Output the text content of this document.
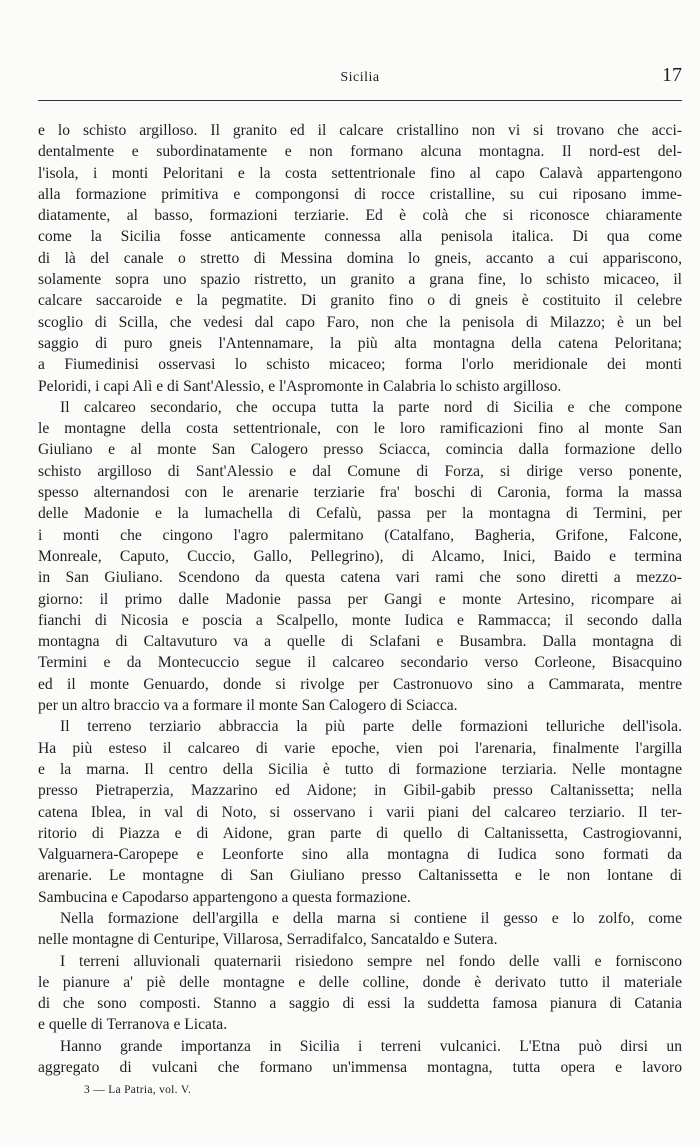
Sicilia	17
e lo schisto argilloso. Il granito ed il calcare cristallino non vi si trovano che acci-
dentalmente e subordinatamente e non formano alcuna montagna. Il nord-est del-
l'isola, i monti Peloritani e la costa settentrionale fino al capo Calavà appartengono
alla formazione primitiva e compongonsi di rocce cristalline, su cui riposano imme-
diatamente, al basso, formazioni terziarie. Ed è colà che si riconosce chiaramente
come la Sicilia fosse anticamente connessa alla penisola italica. Di qua come
di là del canale o stretto di Messina domina lo gneis, accanto a cui appariscono,
solamente sopra uno spazio ristretto, un granito a grana fine, lo schisto micaceo, il
calcare saccaroide e la pegmatite. Di granito fino o di gneis è costituito il celebre
scoglio di Scilla, che vedesi dal capo Faro, non che la penisola di Milazzo; è un bel
saggio di puro gneis l'Antennamare, la più alta montagna della catena Peloritana;
a Fiumedinisi osservasi lo schisto micaceo; forma l'orlo meridionale dei monti
Peloridi, i capi Alì e di Sant'Alessio, e l'Aspromonte in Calabria lo schisto argilloso.
Il calcareo secondario, che occupa tutta la parte nord di Sicilia e che compone
le montagne della costa settentrionale, con le loro ramificazioni fino al monte San
Giuliano e al monte San Calogero presso Sciacca, comincia dalla formazione dello
schisto argilloso di Sant'Alessio e dal Comune di Forza, si dirige verso ponente,
spesso alternandosi con le arenarie terziarie fra' boschi di Caronia, forma la massa
delle Madonie e la lumachella di Cefalù, passa per la montagna di Termini, per
i monti che cingono l'agro palermitano (Catalfano, Bagheria, Grifone, Falcone,
Monreale, Caputo, Cuccio, Gallo, Pellegrino), di Alcamo, Inici, Baido e termina
in San Giuliano. Scendono da questa catena vari rami che sono diretti a mezzo-
giorno: il primo dalle Madonie passa per Gangi e monte Artesino, ricompare ai
fianchi di Nicosia e poscia a Scalpello, monte Iudica e Rammacca; il secondo dalla
montagna di Caltavuturo va a quelle di Sclafani e Busambra. Dalla montagna di
Termini e da Montecuccio segue il calcareo secondario verso Corleone, Bisacquino
ed il monte Genuardo, donde si rivolge per Castronuovo sino a Cammarata, mentre
per un altro braccio va a formare il monte San Calogero di Sciacca.
Il terreno terziario abbraccia la più parte delle formazioni telluriche dell'isola.
Ha più esteso il calcareo di varie epoche, vien poi l'arenaria, finalmente l'argilla
e la marna. Il centro della Sicilia è tutto di formazione terziaria. Nelle montagne
presso Pietraperzia, Mazzarino ed Aidone; in Gibil-gabib presso Caltanissetta; nella
catena Iblea, in val di Noto, si osservano i varii piani del calcareo terziario. Il ter-
ritorio di Piazza e di Aidone, gran parte di quello di Caltanissetta, Castrogiovanni,
Valguarnera-Caropepe e Leonforte sino alla montagna di Iudica sono formati da
arenarie. Le montagne di San Giuliano presso Caltanissetta e le non lontane di
Sambucina e Capodarso appartengono a questa formazione.
Nella formazione dell'argilla e della marna si contiene il gesso e lo zolfo, come
nelle montagne di Centuripe, Villarosa, Serradifalco, Sancataldo e Sutera.
I terreni alluvionali quaternarii risiedono sempre nel fondo delle valli e forniscono
le pianure a' piè delle montagne e delle colline, donde è derivato tutto il materiale
di che sono composti. Stanno a saggio di essi la suddetta famosa pianura di Catania
e quelle di Terranova e Licata.
Hanno grande importanza in Sicilia i terreni vulcanici. L'Etna può dirsi un
aggregato di vulcani che formano un'immensa montagna, tutta opera e lavoro
3 — La Patria, vol. V.
